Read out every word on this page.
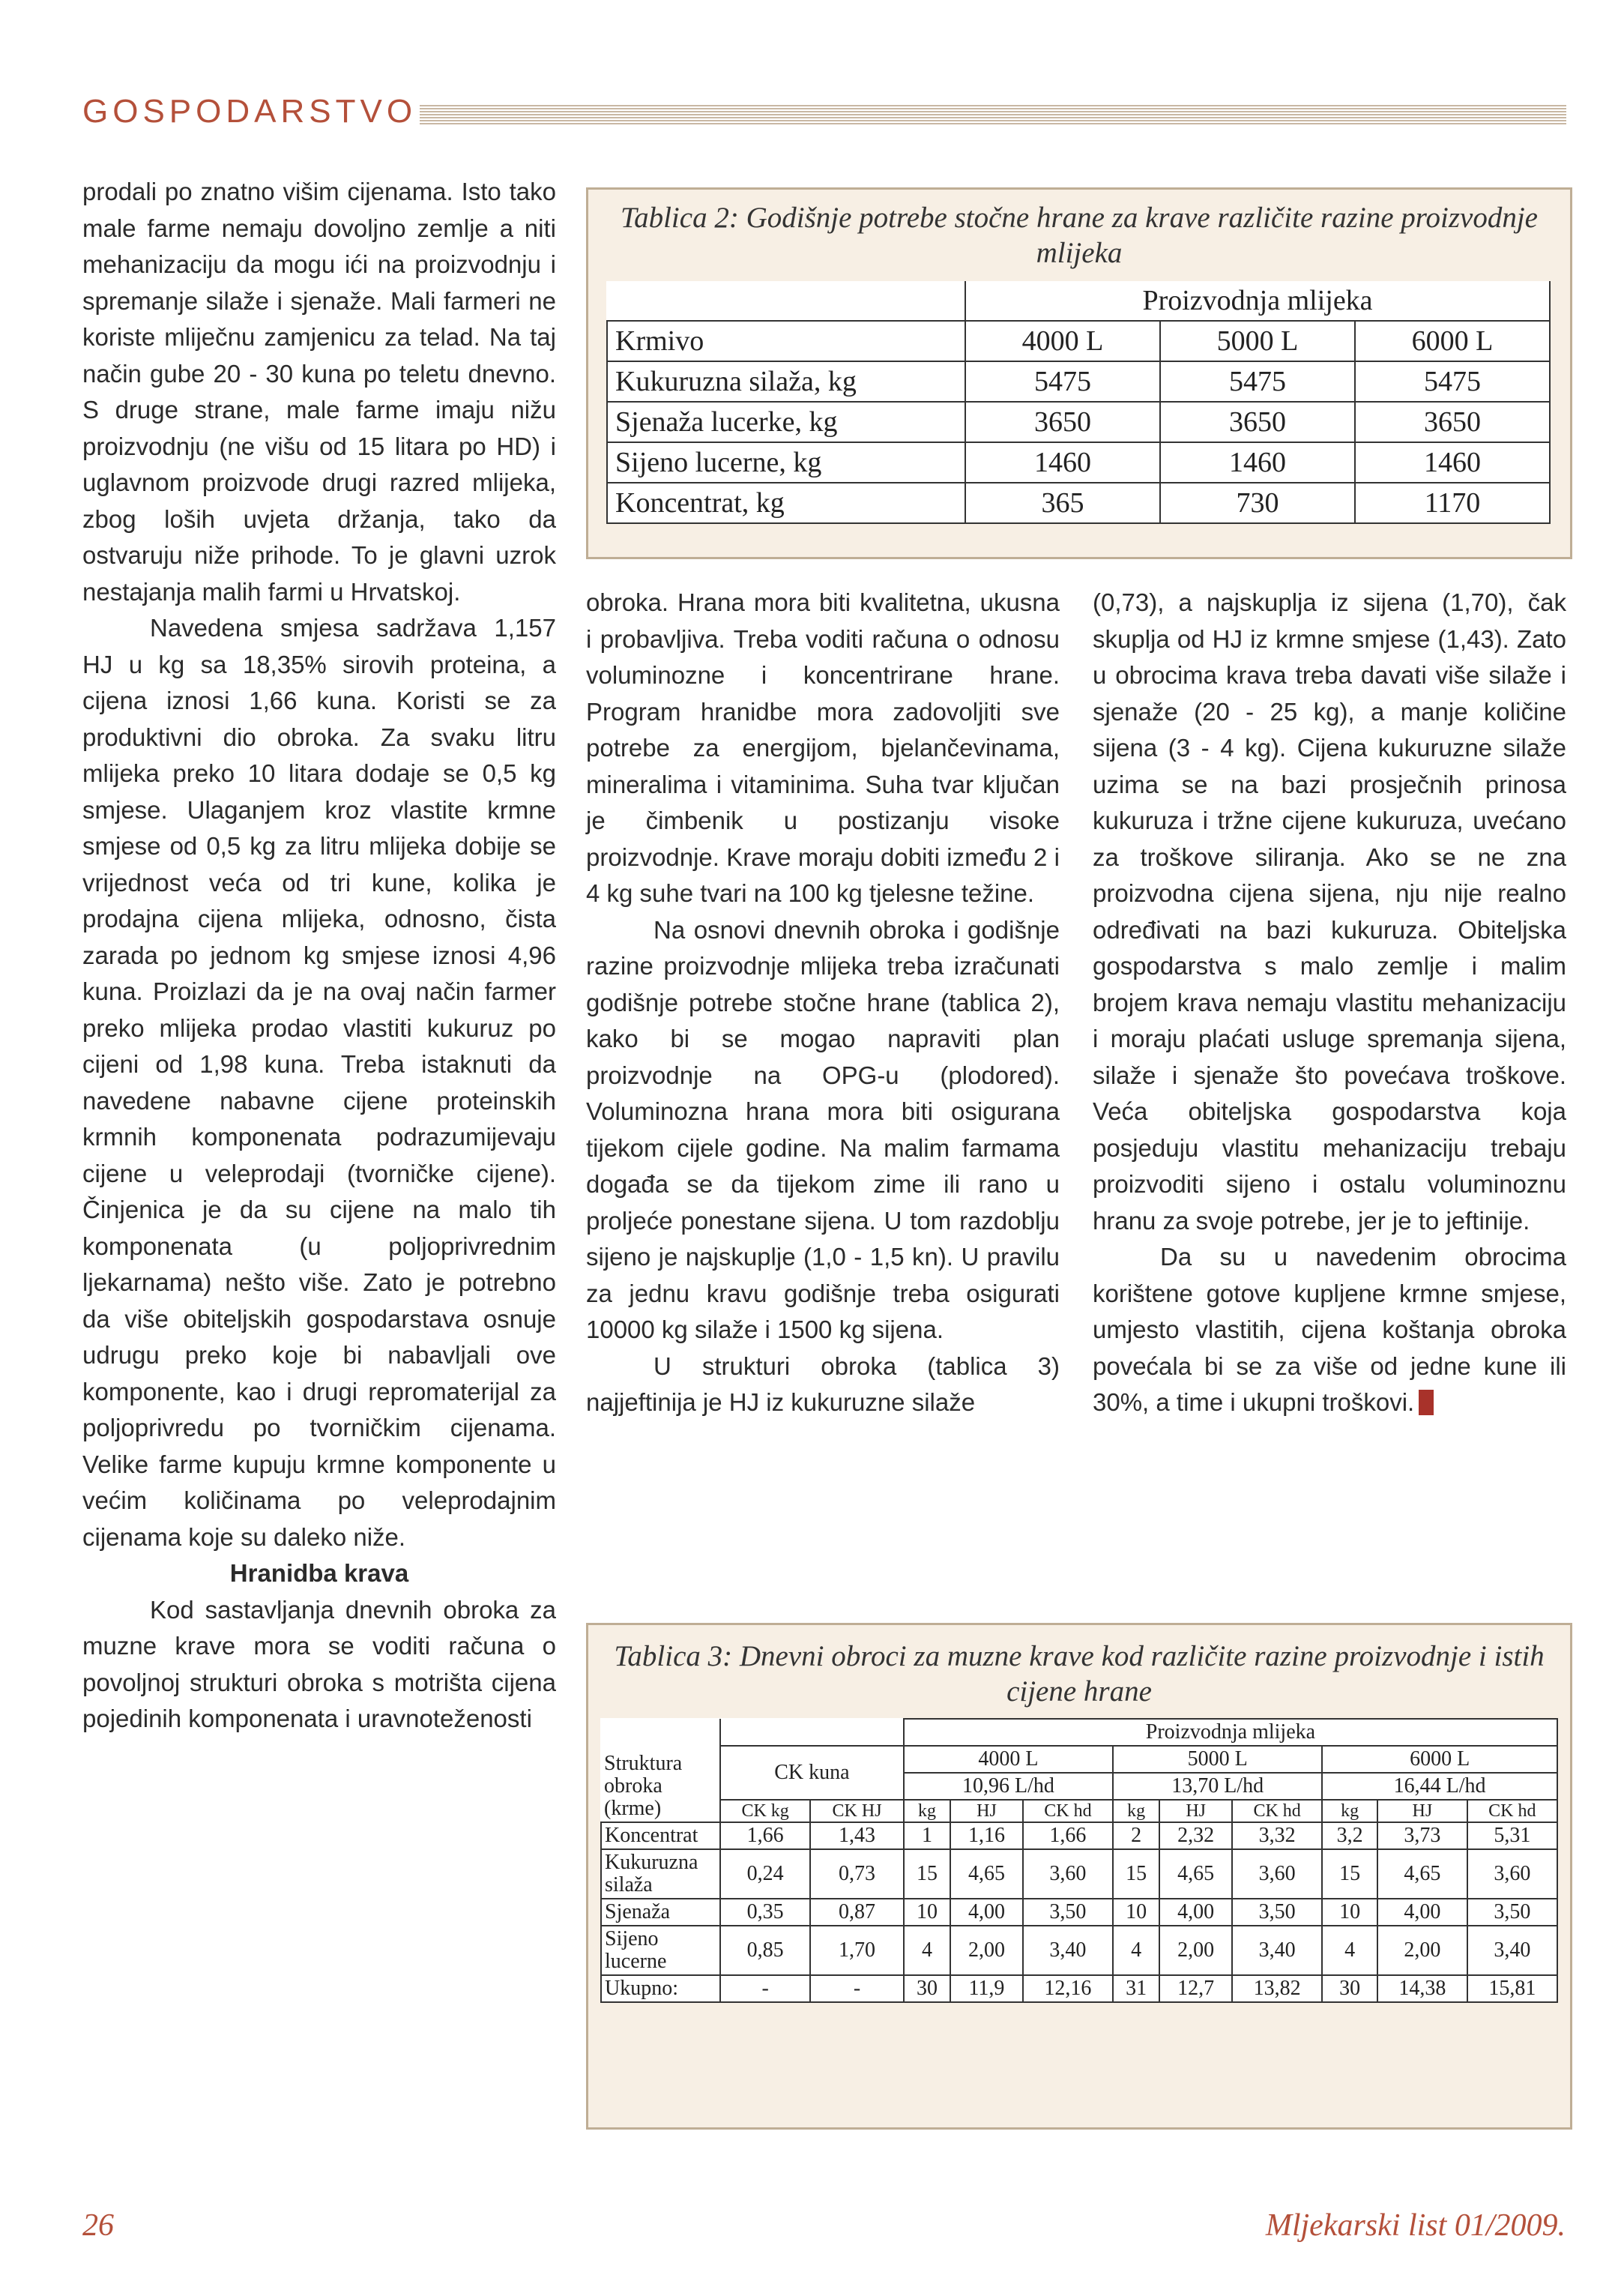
GOSPODARSTVO

prodali po znatno višim cijenama. Isto tako male farme nemaju dovoljno zemlje a niti mehanizaciju da mogu ići na proizvodnju i spremanje silaže i sjenaže. Mali farmeri ne koriste mliječnu zamjenicu za telad. Na taj način gube 20 - 30 kuna po teletu dnevno. S druge strane, male farme imaju nižu proizvodnju (ne višu od 15 litara po HD) i uglavnom proizvode drugi razred mlijeka, zbog loših uvjeta držanja, tako da ostvaruju niže prihode. To je glavni uzrok nestajanja malih farmi u Hrvatskoj.

Navedena smjesa sadržava 1,157 HJ u kg sa 18,35% sirovih proteina, a cijena iznosi 1,66 kuna. Koristi se za produktivni dio obroka. Za svaku litru mlijeka preko 10 litara dodaje se 0,5 kg smjese. Ulaganjem kroz vlastite krmne smjese od 0,5 kg za litru mlijeka dobije se vrijednost veća od tri kune, kolika je prodajna cijena mlijeka, odnosno, čista zarada po jednom kg smjese iznosi 4,96 kuna. Proizlazi da je na ovaj način farmer preko mlijeka prodao vlastiti kukuruz po cijeni od 1,98 kuna. Treba istaknuti da navedene nabavne cijene proteinskih krmnih komponenata podrazumijevaju cijene u veleprodaji (tvorničke cijene). Činjenica je da su cijene na malo tih komponenata (u poljoprivrednim ljekarnama) nešto više. Zato je potrebno da više obiteljskih gospodarstava osnuje udrugu preko koje bi nabavljali ove komponente, kao i drugi repromaterijal za poljoprivredu po tvorničkim cijenama. Velike farme kupuju krmne komponente u većim količinama po veleprodajnim cijenama koje su daleko niže.

Hranidba krava

Kod sastavljanja dnevnih obroka za muzne krave mora se voditi računa o povoljnoj strukturi obroka s motrišta cijena pojedinih komponenata i uravnoteženosti

Tablica 2: Godišnje potrebe stočne hrane za krave različite razine proizvodnje mlijeka
	Proizvodnja mlijeka		
Krmivo	4000 L	5000 L	6000 L
Kukuruzna silaža, kg	5475	5475	5475
Sjenaža lucerke, kg	3650	3650	3650
Sijeno lucerne, kg	1460	1460	1460
Koncentrat, kg	365	730	1170

obroka. Hrana mora biti kvalitetna, ukusna i probavljiva. Treba voditi računa o odnosu voluminozne i koncentrirane hrane. Program hranidbe mora zadovoljiti sve potrebe za energijom, bjelančevinama, mineralima i vitaminima. Suha tvar ključan je čimbenik u postizanju visoke proizvodnje. Krave moraju dobiti između 2 i 4 kg suhe tvari na 100 kg tjelesne težine.

Na osnovi dnevnih obroka i godišnje razine proizvodnje mlijeka treba izračunati godišnje potrebe stočne hrane (tablica 2), kako bi se mogao napraviti plan proizvodnje na OPG-u (plodored). Voluminozna hrana mora biti osigurana tijekom cijele godine. Na malim farmama događa se da tijekom zime ili rano u proljeće ponestane sijena. U tom razdoblju sijeno je najskuplje (1,0 - 1,5 kn). U pravilu za jednu kravu godišnje treba osigurati 10000 kg silaže i 1500 kg sijena.

U strukturi obroka (tablica 3) najjeftinija je HJ iz kukuruzne silaže

(0,73), a najskuplja iz sijena (1,70), čak skuplja od HJ iz krmne smjese (1,43). Zato u obrocima krava treba davati više silaže i sjenaže (20 - 25 kg), a manje količine sijena (3 - 4 kg). Cijena kukuruzne silaže uzima se na bazi prosječnih prinosa kukuruza i tržne cijene kukuruza, uvećano za troškove siliranja. Ako se ne zna proizvodna cijena sijena, nju nije realno određivati na bazi kukuruza. Obiteljska gospodarstva s malo zemlje i malim brojem krava nemaju vlastitu mehanizaciju i moraju plaćati usluge spremanja sijena, silaže i sjenaže što povećava troškove. Veća obiteljska gospodarstva koja posjeduju vlastitu mehanizaciju trebaju proizvoditi sijeno i ostalu voluminoznu hranu za svoje potrebe, jer je to jeftinije.

Da su u navedenim obrocima korištene gotove kupljene krmne smjese, umjesto vlastitih, cijena koštanja obroka povećala bi se za više od jedne kune ili 30%, a time i ukupni troškovi.

Tablica 3: Dnevni obroci za muzne krave kod različite razine proizvodnje i istih cijene hrane
Struktura obroka (krme)			Proizvodnja mlijeka								
	CK kuna		4000 L			5000 L			6000 L		
			10,96 L/hd			13,70 L/hd			16,44 L/hd		
	CK kg	CK HJ	kg	HJ	CK hd	kg	HJ	CK hd	kg	HJ	CK hd
Koncentrat	1,66	1,43	1	1,16	1,66	2	2,32	3,32	3,2	3,73	5,31
Kukuruzna silaža	0,24	0,73	15	4,65	3,60	15	4,65	3,60	15	4,65	3,60
Sjenaža	0,35	0,87	10	4,00	3,50	10	4,00	3,50	10	4,00	3,50
Sijeno lucerne	0,85	1,70	4	2,00	3,40	4	2,00	3,40	4	2,00	3,40
Ukupno:	-	-	30	11,9	12,16	31	12,7	13,82	30	14,38	15,81
26	Mljekarski list 01/2009.
